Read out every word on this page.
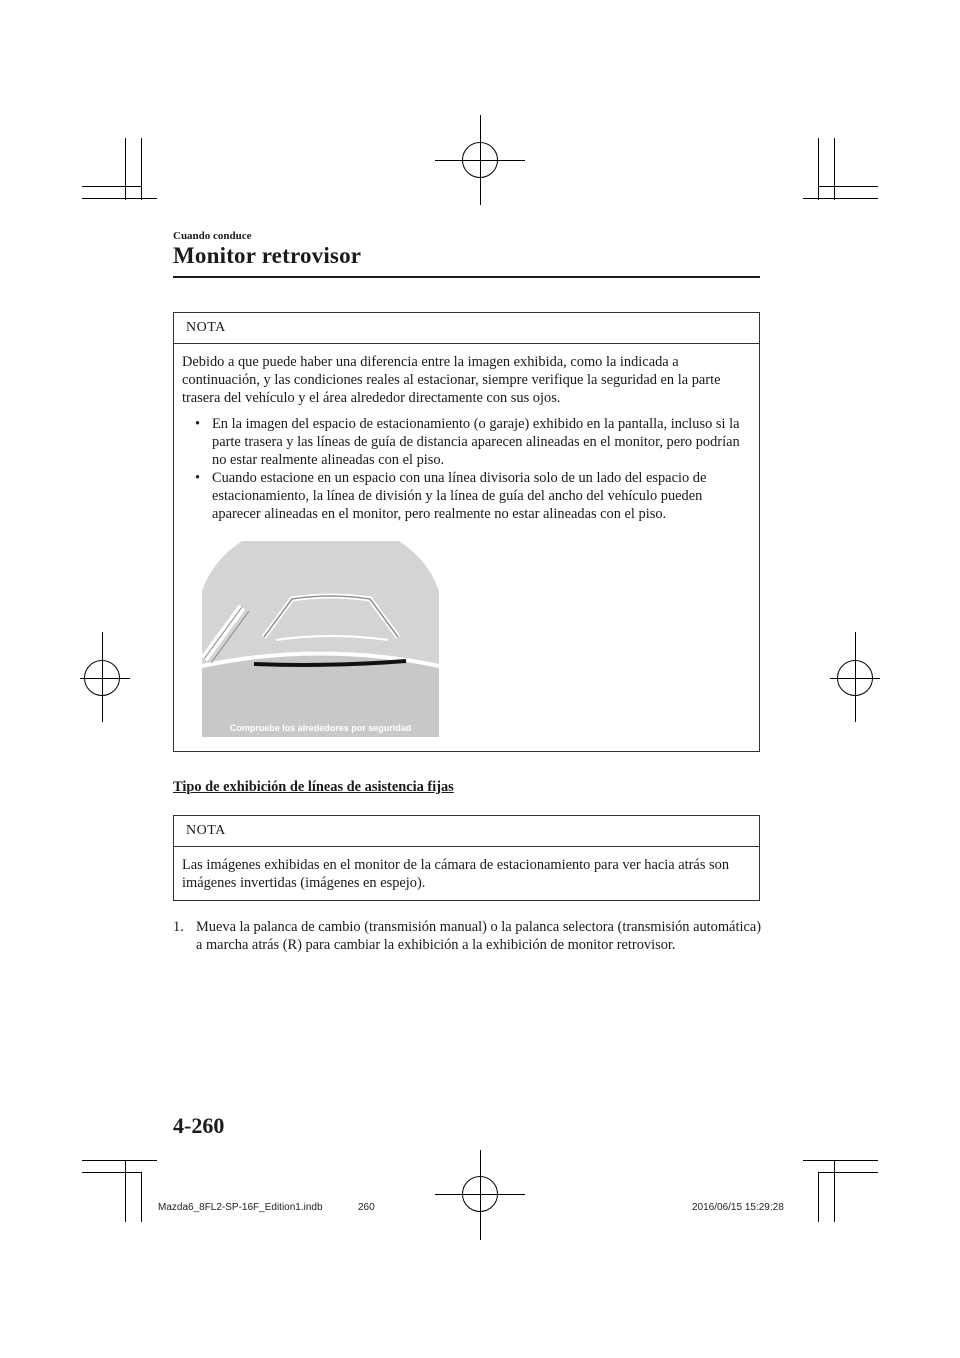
Cuando conduce
Monitor retrovisor
NOTA
Debido a que puede haber una diferencia entre la imagen exhibida, como la indicada a continuación, y las condiciones reales al estacionar, siempre verifique la seguridad en la parte trasera del vehículo y el área alrededor directamente con sus ojos.
• En la imagen del espacio de estacionamiento (o garaje) exhibido en la pantalla, incluso si la parte trasera y las líneas de guía de distancia aparecen alineadas en el monitor, pero podrían no estar realmente alineadas con el piso.
• Cuando estacione en un espacio con una línea divisoria solo de un lado del espacio de estacionamiento, la línea de división y la línea de guía del ancho del vehículo pueden aparecer alineadas en el monitor, pero realmente no estar alineadas con el piso.
Compruebe los alrededores por seguridad
Tipo de exhibición de líneas de asistencia fijas
NOTA
Las imágenes exhibidas en el monitor de la cámara de estacionamiento para ver hacia atrás son imágenes invertidas (imágenes en espejo).
1. Mueva la palanca de cambio (transmisión manual) o la palanca selectora (transmisión automática) a marcha atrás (R) para cambiar la exhibición a la exhibición de monitor retrovisor.
4-260
Mazda6_8FL2-SP-16F_Edition1.indb	260	2016/06/15 15:29:28
